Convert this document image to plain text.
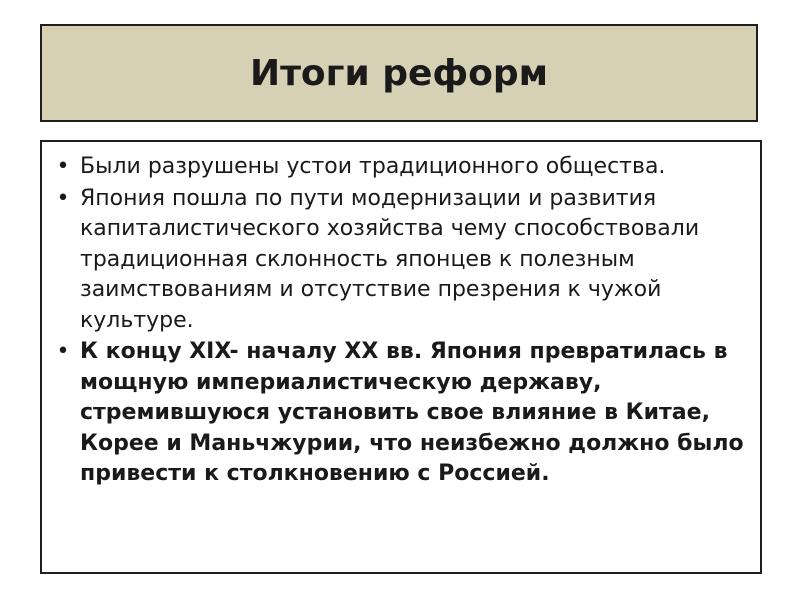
Итоги реформ
• Были разрушены устои традиционного общества.
• Япония пошла по пути модернизации и развития капиталистического хозяйства чему способствовали традиционная склонность японцев к полезным заимствованиям и отсутствие презрения к чужой культуре.
• К концу XIX- началу XX вв. Япония превратилась в мощную империалистическую державу, стремившуюся установить свое влияние в Китае, Корее и Маньчжурии, что неизбежно должно было привести к столкновению с Россией.
